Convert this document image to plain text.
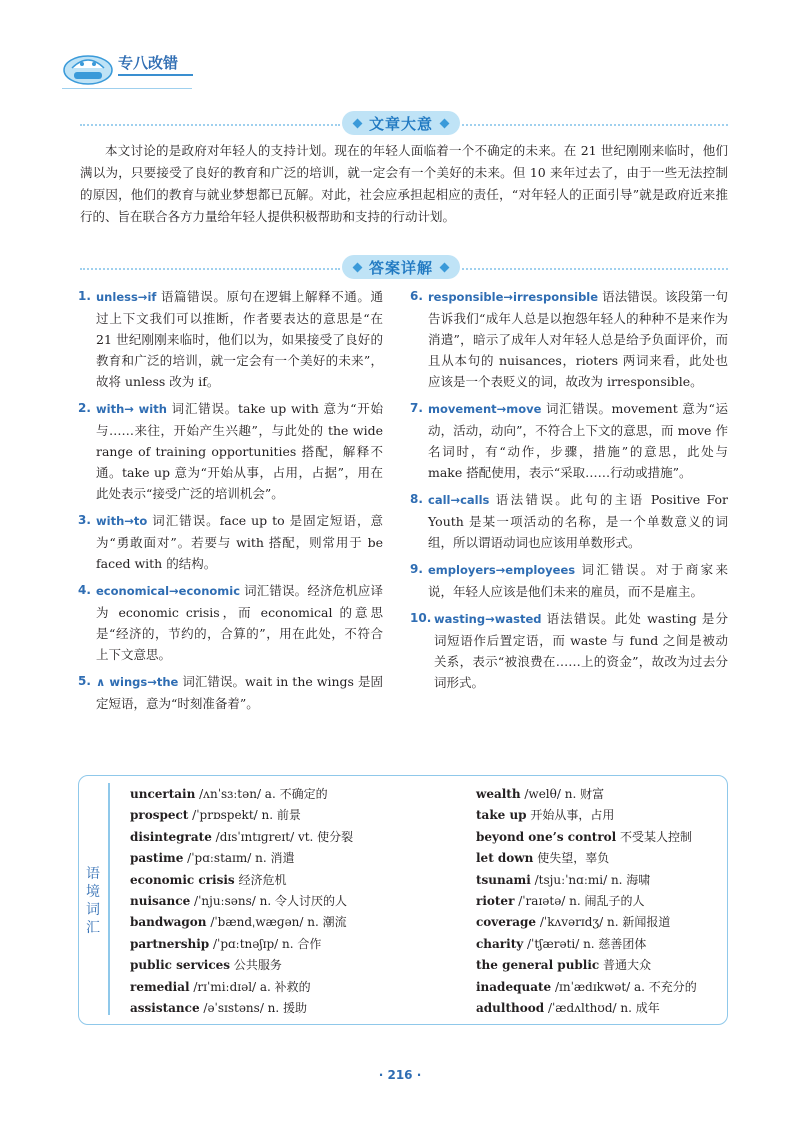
专八改错
文章大意
本文讨论的是政府对年轻人的支持计划。现在的年轻人面临着一个不确定的未来。在 21 世纪刚刚来临时，他们满以为，只要接受了良好的教育和广泛的培训，就一定会有一个美好的未来。但 10 来年过去了，由于一些无法控制的原因，他们的教育与就业梦想都已瓦解。对此，社会应承担起相应的责任，“对年轻人的正面引导”就是政府近来推行的、旨在联合各方力量给年轻人提供积极帮助和支持的行动计划。
答案详解
1. unless→if 语篇错误。原句在逻辑上解释不通。通过上下文我们可以推断，作者要表达的意思是“在 21 世纪刚刚来临时，他们以为，如果接受了良好的教育和广泛的培训，就一定会有一个美好的未来”，故将 unless 改为 if。
2. with→ with 词汇错误。take up with 意为“开始与……来往，开始产生兴趣”，与此处的 the wide range of training opportunities 搭配，解释不通。take up 意为“开始从事，占用，占据”，用在此处表示“接受广泛的培训机会”。
3. with→to 词汇错误。face up to 是固定短语，意为“勇敢面对”。若要与 with 搭配，则常用于 be faced with 的结构。
4. economical→economic 词汇错误。经济危机应译为 economic crisis，而 economical 的意思是“经济的，节约的，合算的”，用在此处，不符合上下文意思。
5. ∧ wings→the 词汇错误。wait in the wings 是固定短语，意为“时刻准备着”。
6. responsible→irresponsible 语法错误。该段第一句告诉我们“成年人总是以抱怨年轻人的种种不是来作为消遣”，暗示了成年人对年轻人总是给予负面评价，而且从本句的 nuisances，rioters 两词来看，此处也应该是一个表贬义的词，故改为 irresponsible。
7. movement→move 词汇错误。movement 意为“运动，活动，动向”，不符合上下文的意思，而 move 作名词时，有“动作，步骤，措施”的意思，此处与 make 搭配使用，表示“采取……行动或措施”。
8. call→calls 语法错误。此句的主语 Positive For Youth 是某一项活动的名称，是一个单数意义的词组，所以谓语动词也应该用单数形式。
9. employers→employees 词汇错误。对于商家来说，年轻人应该是他们未来的雇员，而不是雇主。
10. wasting→wasted 语法错误。此处 wasting 是分词短语作后置定语，而 waste 与 fund 之间是被动关系，表示“被浪费在……上的资金”，故改为过去分词形式。
语境词汇
uncertain /ʌnˈsɜːtən/ a. 不确定的
prospect /ˈprɒspekt/ n. 前景
disintegrate /dɪsˈɪntɪɡreɪt/ vt. 使分裂
pastime /ˈpɑːstaɪm/ n. 消遣
economic crisis 经济危机
nuisance /ˈnjuːsəns/ n. 令人讨厌的人
bandwagon /ˈbændˌwæɡən/ n. 潮流
partnership /ˈpɑːtnəʃɪp/ n. 合作
public services 公共服务
remedial /rɪˈmiːdɪəl/ a. 补救的
assistance /əˈsɪstəns/ n. 援助
wealth /welθ/ n. 财富
take up 开始从事，占用
beyond one’s control 不受某人控制
let down 使失望，辜负
tsunami /tsjuːˈnɑːmi/ n. 海啸
rioter /ˈraɪətə/ n. 闹乱子的人
coverage /ˈkʌvərɪdʒ/ n. 新闻报道
charity /ˈtʃærəti/ n. 慈善团体
the general public 普通大众
inadequate /ɪnˈædɪkwət/ a. 不充分的
adulthood /ˈædʌlthʊd/ n. 成年
· 216 ·
